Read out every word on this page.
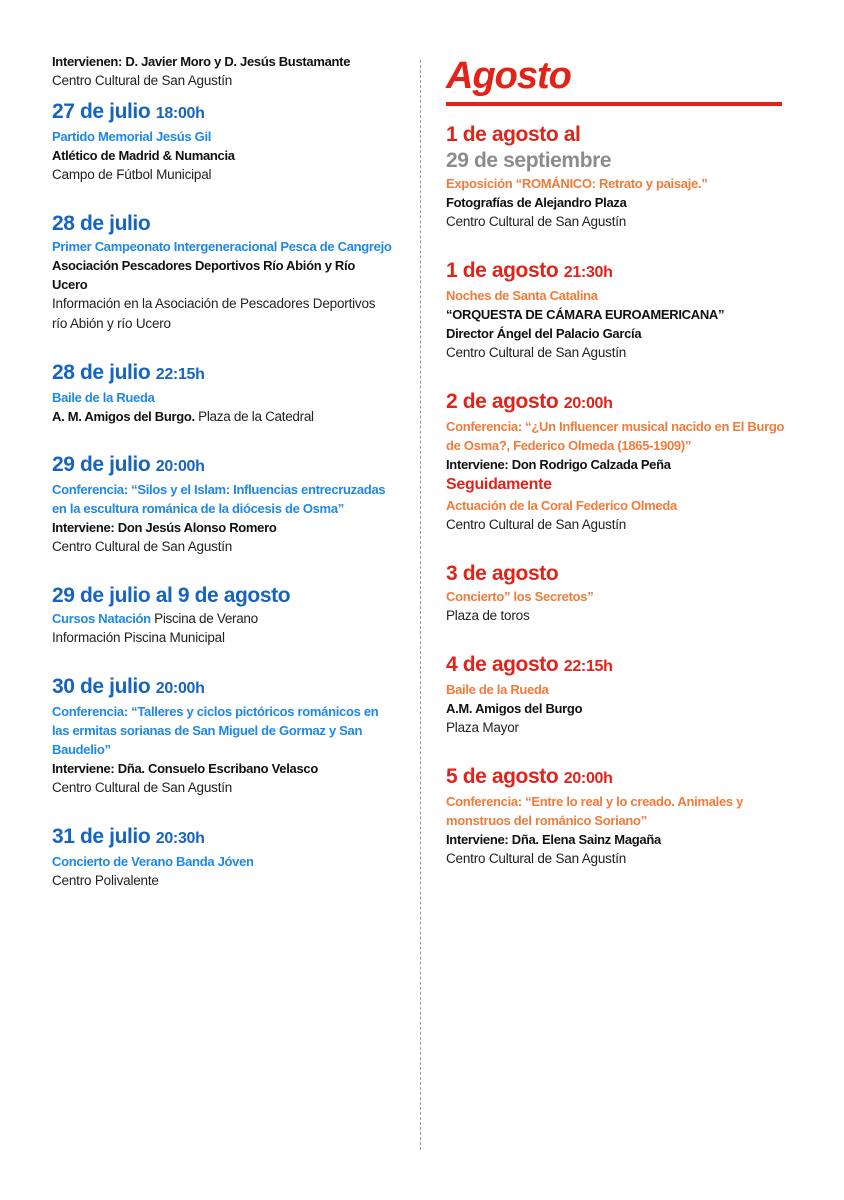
Intervienen: D. Javier Moro y D. Jesús Bustamante
Centro Cultural de San Agustín
27 de julio 18:00h
Partido Memorial Jesús Gil
Atlético de Madrid & Numancia
Campo de Fútbol Municipal
28 de julio
Primer Campeonato Intergeneracional Pesca de Cangrejo
Asociación Pescadores Deportivos Río Abión y Río Ucero
Información en la Asociación de Pescadores Deportivos río Abión y río Ucero
28 de julio 22:15h
Baile de la Rueda
A. M. Amigos del Burgo. Plaza de la Catedral
29 de julio 20:00h
Conferencia: “Silos y el Islam: Influencias entrecruzadas en la escultura románica de la diócesis de Osma”
Interviene: Don Jesús Alonso Romero
Centro Cultural de San Agustín
29 de julio al 9 de agosto
Cursos Natación Piscina de Verano
Información Piscina Municipal
30 de julio 20:00h
Conferencia: “Talleres y ciclos pictóricos románicos en las ermitas sorianas de San Miguel de Gormaz y San Baudelio”
Interviene: Dña. Consuelo Escribano Velasco
Centro Cultural de San Agustín
31 de julio 20:30h
Concierto de Verano Banda Jóven
Centro Polivalente
Agosto
1 de agosto al
29 de septiembre
Exposición “ROMÁNICO: Retrato y paisaje.”
Fotografías de Alejandro Plaza
Centro Cultural de San Agustín
1 de agosto 21:30h
Noches de Santa Catalina
“ORQUESTA DE CÁMARA EUROAMERICANA”
Director Ángel del Palacio García
Centro Cultural de San Agustín
2 de agosto 20:00h
Conferencia: “¿Un Influencer musical nacido en El Burgo de Osma?, Federico Olmeda (1865-1909)”
Interviene: Don Rodrigo Calzada Peña
Seguidamente
Actuación de la Coral Federico Olmeda
Centro Cultural de San Agustín
3 de agosto
Concierto” los Secretos”
Plaza de toros
4 de agosto 22:15h
Baile de la Rueda
A.M. Amigos del Burgo
Plaza Mayor
5 de agosto 20:00h
Conferencia: “Entre lo real y lo creado. Animales y monstruos del románico Soriano”
Interviene: Dña. Elena Sainz Magaña
Centro Cultural de San Agustín
